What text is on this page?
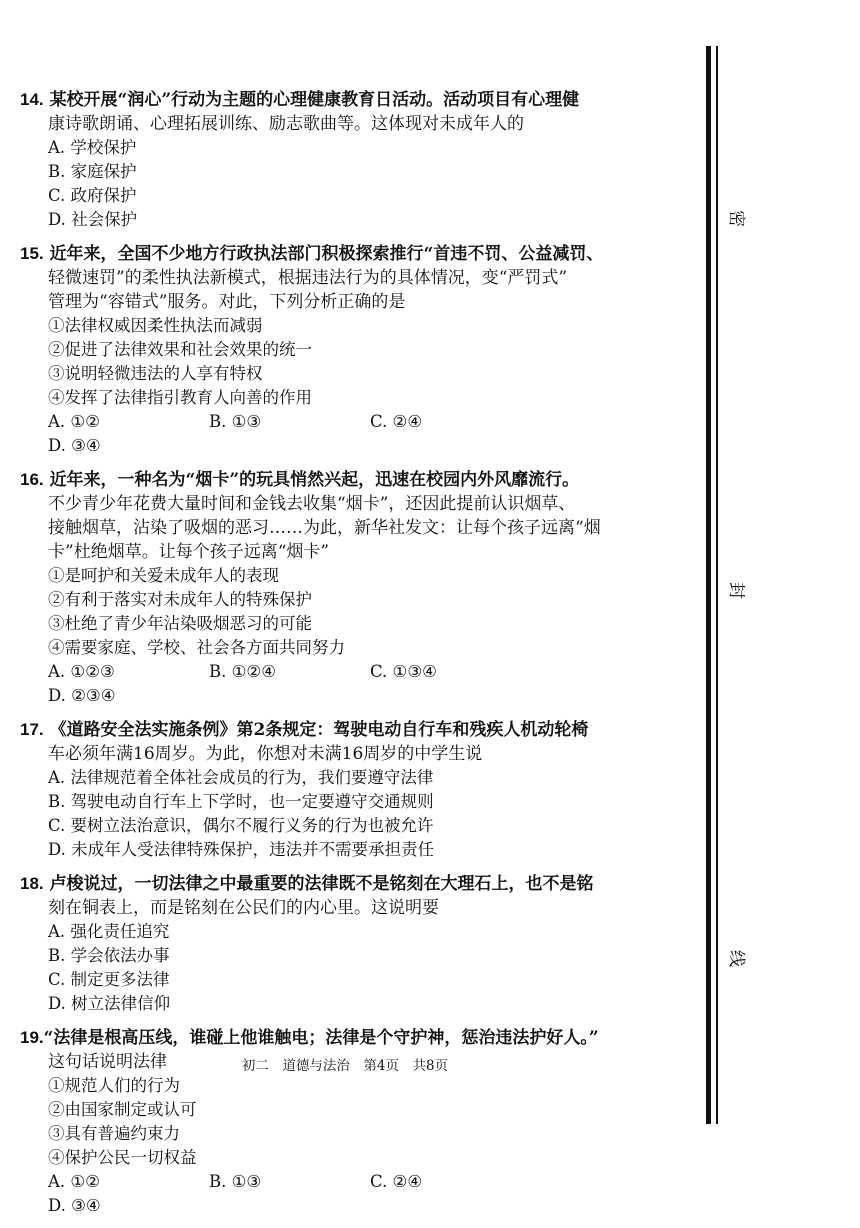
14. 某校开展“润心”行动为主题的心理健康教育日活动。活动项目有心理健
康诗歌朗诵、心理拓展训练、励志歌曲等。这体现对未成年人的
A. 学校保护
B. 家庭保护
C. 政府保护
D. 社会保护
15. 近年来，全国不少地方行政执法部门积极探索推行“首违不罚、公益减罚、
轻微速罚”的柔性执法新模式，根据违法行为的具体情况，变“严罚式”
管理为“容错式”服务。对此，下列分析正确的是
①法律权威因柔性执法而减弱
②促进了法律效果和社会效果的统一
③说明轻微违法的人享有特权
④发挥了法律指引教育人向善的作用
A. ①②	B. ①③	C. ②④
D. ③④
16. 近年来，一种名为“烟卡”的玩具悄然兴起，迅速在校园内外风靡流行。
不少青少年花费大量时间和金钱去收集“烟卡”，还因此提前认识烟草、
接触烟草，沾染了吸烟的恶习……为此，新华社发文：让每个孩子远离“烟
卡”杜绝烟草。让每个孩子远离“烟卡”
①是呵护和关爱未成年人的表现
②有利于落实对未成年人的特殊保护
③杜绝了青少年沾染吸烟恶习的可能
④需要家庭、学校、社会各方面共同努力
A. ①②③	B. ①②④	C. ①③④
D. ②③④
17. 《道路安全法实施条例》第2条规定：驾驶电动自行车和残疾人机动轮椅
车必须年满16周岁。为此，你想对未满16周岁的中学生说
A. 法律规范着全体社会成员的行为，我们要遵守法律
B. 驾驶电动自行车上下学时，也一定要遵守交通规则
C. 要树立法治意识，偶尔不履行义务的行为也被允许
D. 未成年人受法律特殊保护，违法并不需要承担责任
18. 卢梭说过，一切法律之中最重要的法律既不是铭刻在大理石上，也不是铭
刻在铜表上，而是铭刻在公民们的内心里。这说明要
A. 强化责任追究
B. 学会依法办事
C. 制定更多法律
D. 树立法律信仰
19.“法律是根高压线，谁碰上他谁触电；法律是个守护神，惩治违法护好人。”
这句话说明法律
①规范人们的行为
②由国家制定或认可
③具有普遍约束力
④保护公民一切权益
A. ①②	B. ①③	C. ②④
D. ③④
初二　道德与法治　第4页　共8页
密
封
线
